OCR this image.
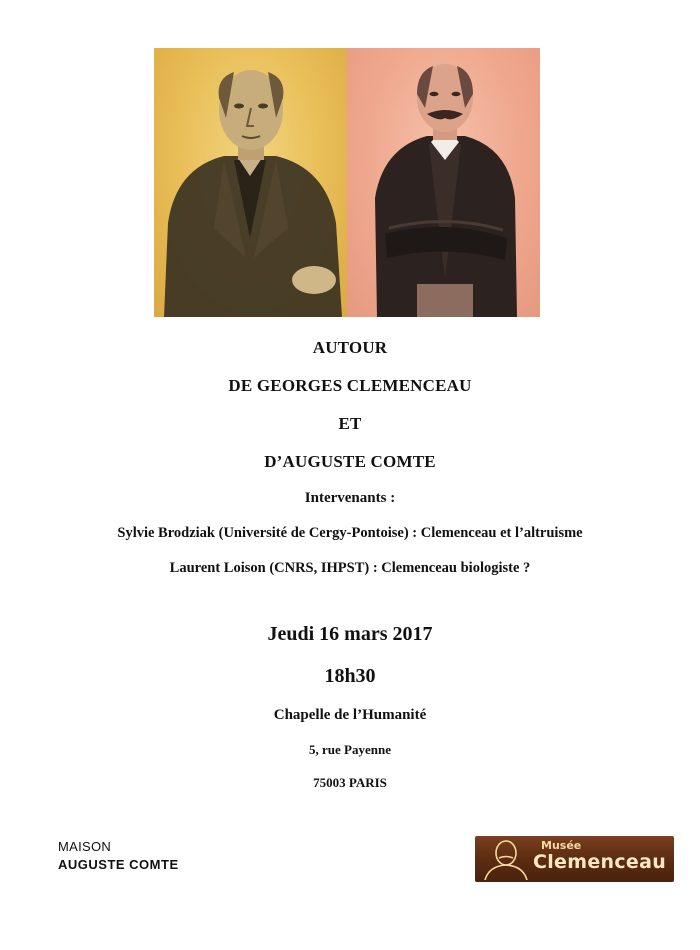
AUTOUR
DE GEORGES CLEMENCEAU
ET
D’AUGUSTE COMTE
Intervenants :
Sylvie Brodziak (Université de Cergy-Pontoise) : Clemenceau et l’altruisme
Laurent Loison (CNRS, IHPST) : Clemenceau biologiste ?
Jeudi 16 mars 2017
18h30
Chapelle de l’Humanité
5, rue Payenne
75003 PARIS
MAISON
AUGUSTE COMTE
Musée
Clemenceau
